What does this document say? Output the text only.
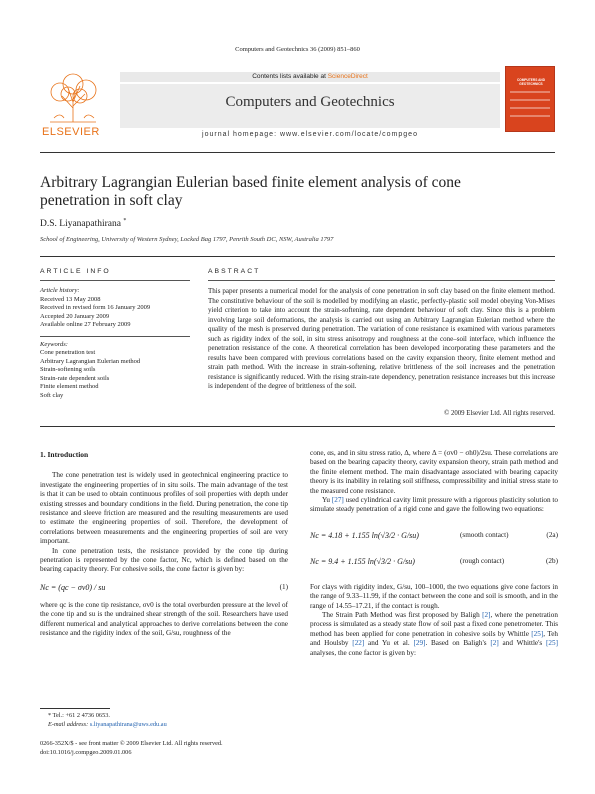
Computers and Geotechnics 36 (2009) 851–860
ELSEVIER
Contents lists available at ScienceDirect
Computers and Geotechnics
journal homepage: www.elsevier.com/locate/compgeo
COMPUTERS AND GEOTECHNICS
Arbitrary Lagrangian Eulerian based finite element analysis of cone penetration in soft clay
D.S. Liyanapathirana *
School of Engineering, University of Western Sydney, Locked Bag 1797, Penrith South DC, NSW, Australia 1797
ARTICLE INFO	ABSTRACT
Article history:
Received 13 May 2008
Received in revised form 16 January 2009
Accepted 20 January 2009
Available online 27 February 2009
Keywords:
Cone penetration test
Arbitrary Lagrangian Eulerian method
Strain-softening soils
Strain-rate dependent soils
Finite element method
Soft clay
This paper presents a numerical model for the analysis of cone penetration in soft clay based on the finite element method. The constitutive behaviour of the soil is modelled by modifying an elastic, perfectly-plastic soil model obeying Von-Mises yield criterion to take into account the strain-softening, rate dependent behaviour of soft clay. Since this is a problem involving large soil deformations, the analysis is carried out using an Arbitrary Lagrangian Eulerian method where the quality of the mesh is preserved during penetration. The variation of cone resistance is examined with various parameters such as rigidity index of the soil, in situ stress anisotropy and roughness at the cone–soil interface, which influence the penetration resistance of the cone. A theoretical correlation has been developed incorporating these parameters and the results have been compared with previous correlations based on the cavity expansion theory, finite element method and strain path method. With the increase in strain-softening, relative brittleness of the soil increases and the penetration resistance is significantly reduced. With the rising strain-rate dependency, penetration resistance increases but this increase is independent of the degree of brittleness of the soil.
© 2009 Elsevier Ltd. All rights reserved.
1. Introduction

The cone penetration test is widely used in geotechnical engineering practice to investigate the engineering properties of in situ soils. The main advantage of the test is that it can be used to obtain continuous profiles of soil properties with depth under existing stresses and boundary conditions in the field. During penetration, the cone tip resistance and sleeve friction are measured and the resulting measurements are used to estimate the engineering properties of soil. Therefore, the development of correlations between measurements and the engineering properties of soil are very important.

In cone penetration tests, the resistance provided by the cone tip during penetration is represented by the cone factor, Nc, which is defined based on the bearing capacity theory. For cohesive soils, the cone factor is given by:

Nc = (qc − σv0) / su	(1)

where qc is the cone tip resistance, σv0 is the total overburden pressure at the level of the cone tip and su is the undrained shear strength of the soil. Researchers have used different numerical and analytical approaches to derive correlations between the cone resistance and the rigidity index of the soil, G/su, roughness of the

cone, αs, and in situ stress ratio, Δ, where Δ = (σv0 − σh0)/2su. These correlations are based on the bearing capacity theory, cavity expansion theory, strain path method and the finite element method. The main disadvantage associated with bearing capacity theory is its inability in relating soil stiffness, compressibility and initial stress state to the measured cone resistance.

Yu [27] used cylindrical cavity limit pressure with a rigorous plasticity solution to simulate steady penetration of a rigid cone and gave the following two equations:

Nc = 4.18 + 1.155 ln(√3/2 · G/su)	(smooth contact)	(2a)
Nc = 9.4 + 1.155 ln(√3/2 · G/su)	(rough contact)	(2b)

For clays with rigidity index, G/su, 100–1000, the two equations give cone factors in the range of 9.33–11.99, if the contact between the cone and soil is smooth, and in the range of 14.55–17.21, if the contact is rough.

The Strain Path Method was first proposed by Baligh [2], where the penetration process is simulated as a steady state flow of soil past a fixed cone penetrometer. This method has been applied for cone penetration in cohesive soils by Whittle [25], Teh and Houlsby [22] and Yu et al. [29]. Based on Baligh's [2] and Whittle's [25] analyses, the cone factor is given by:

* Tel.: +61 2 4736 0653.
E-mail address: s.liyanapathirana@uws.edu.au
0266-352X/$ - see front matter © 2009 Elsevier Ltd. All rights reserved.
doi:10.1016/j.compgeo.2009.01.006
